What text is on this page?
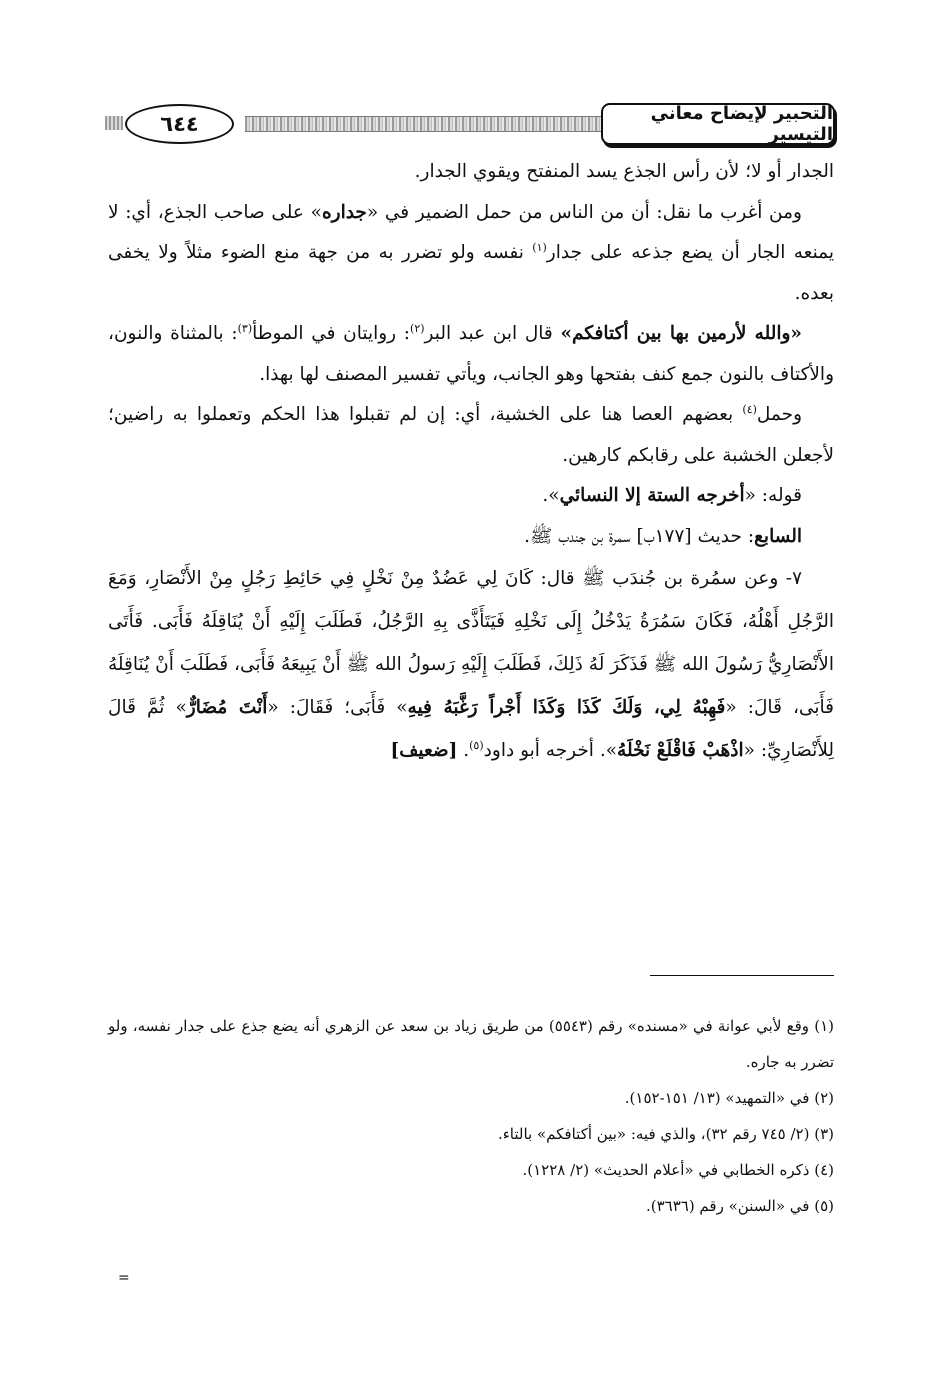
٦٤٤	التحبير لإيضاح معاني التيسير

الجدار أو لا؛ لأن رأس الجذع يسد المنفتح ويقوي الجدار.

ومن أغرب ما نقل: أن من الناس من حمل الضمير في «جداره» على صاحب الجذع، أي: لا يمنعه الجار أن يضع جذعه على جدار$^{(١)}$ نفسه ولو تضرر به من جهة منع الضوء مثلاً ولا يخفى بعده.

«والله لأرمين بها بين أكتافكم» قال ابن عبد البر$^{(٢)}$: روايتان في الموطأ$^{(٣)}$: بالمثناة والنون، والأكتاف بالنون جمع كنف بفتحها وهو الجانب، ويأتي تفسير المصنف لها بهذا.

وحمل$^{(٤)}$ بعضهم العصا هنا على الخشية، أي: إن لم تقبلوا هذا الحكم وتعملوا به راضين؛ لأجعلن الخشبة على رقابكم كارهين.

قوله: «أخرجه الستة إلا النسائي».

السابع: حديث [١٧٧ب] سمرة بن جندب ﷺ.

٧- وعن سمُرة بن جُندَب ﷺ قال: كَانَ لِي عَضُدٌ مِنْ نَخْلٍ فِي حَائِطِ رَجُلٍ مِنْ الأَنْصَارِ، وَمَعَ الرَّجُلِ أَهْلُهُ، فَكَانَ سَمُرَةُ يَدْخُلُ إِلَى نَخْلِهِ فَيَتَأَذَّى بِهِ الرَّجُلُ، فَطَلَبَ إِلَيْهِ أَنْ يُنَاقِلَهُ فَأَبَى. فَأَتَى الأَنْصَارِيُّ رَسُولَ الله ﷺ فَذَكَرَ لَهُ ذَلِكَ، فَطَلَبَ إِلَيْهِ رَسولُ الله ﷺ أَنْ يَبِيعَهُ فَأَبَى، فَطَلَبَ أَنْ يُنَاقِلَهُ فَأَبَى، قَالَ: «فَهِبْهُ لِي، وَلَكَ كَذَا وَكَذَا أَجْراً رَغَّبَهُ فِيهِ» فَأَبَى؛ فَقَالَ: «أَنْتَ مُضَارٌّ» ثُمَّ قَالَ لِلأَنْصَارِيِّ: «اذْهَبْ فَاقْلَعْ نَخْلَهُ». أخرجه أبو داود$^{(٥)}$. [ضعيف]

(١) وقع لأبي عوانة في «مسنده» رقم (٥٥٤٣) من طريق زياد بن سعد عن الزهري أنه يضع جذع على جدار نفسه، ولو تضرر به جاره.

(٢) في «التمهيد» (١٣/ ١٥١-١٥٢).

(٣) (٢/ ٧٤٥ رقم ٣٢)، والذي فيه: «بين أكتافكم» بالتاء.

(٤) ذكره الخطابي في «أعلام الحديث» (٢/ ١٢٢٨).

(٥) في «السنن» رقم (٣٦٣٦).

=
